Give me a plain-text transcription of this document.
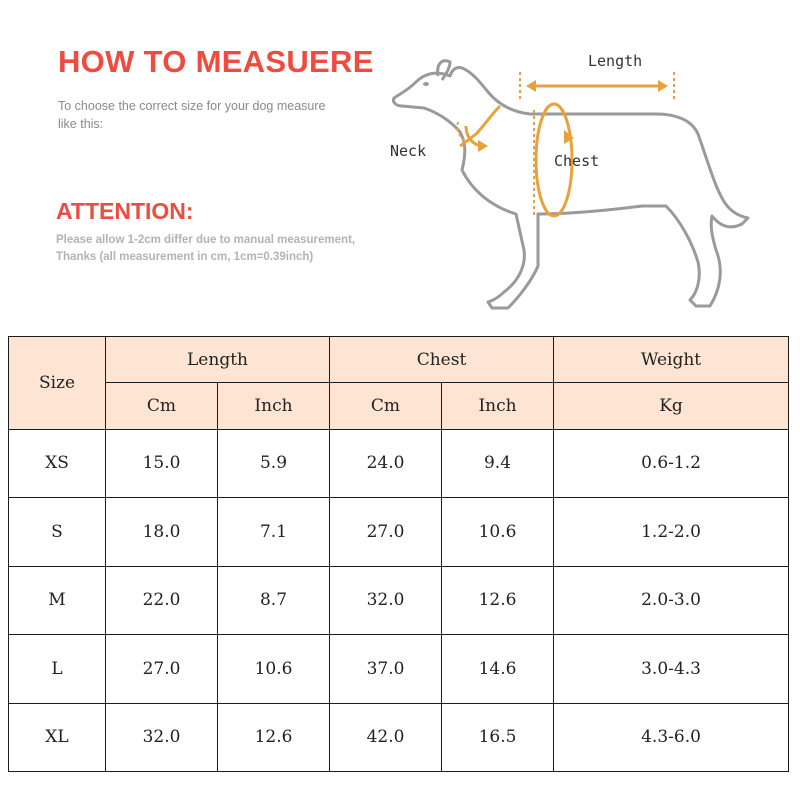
HOW TO MEASUERE
To choose the correct size for your dog measure like this:
ATTENTION:
Please allow 1-2cm differ due to manual measurement,
Thanks (all measurement in cm, 1cm=0.39inch)
Length
Neck
Chest
Size	Length		Chest		Weight
	Cm	Inch	Cm	Inch	Kg
XS	15.0	5.9	24.0	9.4	0.6-1.2
S	18.0	7.1	27.0	10.6	1.2-2.0
M	22.0	8.7	32.0	12.6	2.0-3.0
L	27.0	10.6	37.0	14.6	3.0-4.3
XL	32.0	12.6	42.0	16.5	4.3-6.0
